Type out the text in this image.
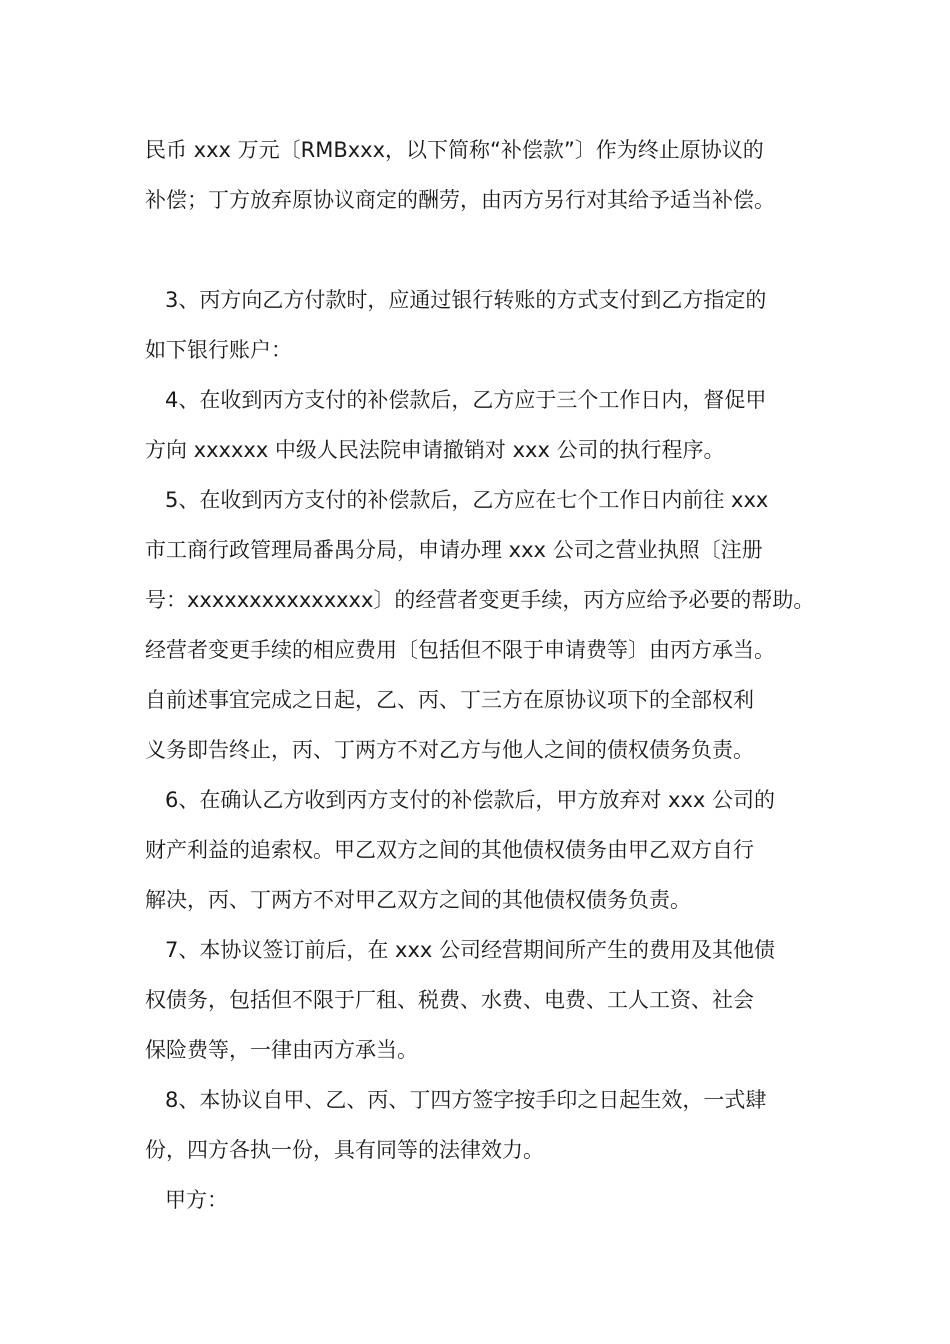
民币 xxx 万元〔RMBxxx，以下简称“补偿款”〕作为终止原协议的
补偿；丁方放弃原协议商定的酬劳，由丙方另行对其给予适当补偿。
3、丙方向乙方付款时，应通过银行转账的方式支付到乙方指定的
如下银行账户：
4、在收到丙方支付的补偿款后，乙方应于三个工作日内，督促甲
方向 xxxxxx 中级人民法院申请撤销对 xxx 公司的执行程序。
5、在收到丙方支付的补偿款后，乙方应在七个工作日内前往 xxx
市工商行政管理局番禺分局，申请办理 xxx 公司之营业执照〔注册
号：xxxxxxxxxxxxxxx〕的经营者变更手续，丙方应给予必要的帮助。
经营者变更手续的相应费用〔包括但不限于申请费等〕由丙方承当。
自前述事宜完成之日起，乙、丙、丁三方在原协议项下的全部权利
义务即告终止，丙、丁两方不对乙方与他人之间的债权债务负责。
6、在确认乙方收到丙方支付的补偿款后，甲方放弃对 xxx 公司的
财产利益的追索权。甲乙双方之间的其他债权债务由甲乙双方自行
解决，丙、丁两方不对甲乙双方之间的其他债权债务负责。
7、本协议签订前后，在 xxx 公司经营期间所产生的费用及其他债
权债务，包括但不限于厂租、税费、水费、电费、工人工资、社会
保险费等，一律由丙方承当。
8、本协议自甲、乙、丙、丁四方签字按手印之日起生效，一式肆
份，四方各执一份，具有同等的法律效力。
甲方：
